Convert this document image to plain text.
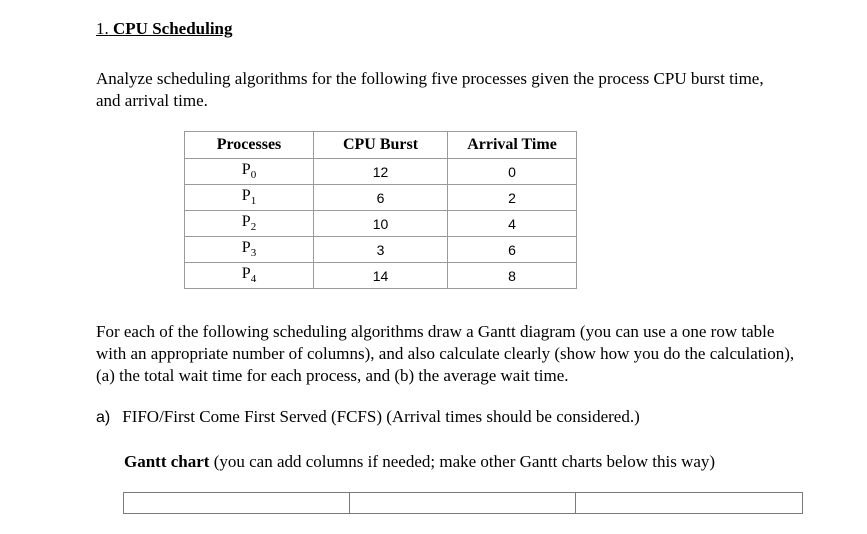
1. CPU Scheduling
Analyze scheduling algorithms for the following five processes given the process CPU burst time, and arrival time.
Processes	CPU Burst	Arrival Time
$P_0$	12	0
$P_1$	6	2
$P_2$	10	4
$P_3$	3	6
$P_4$	14	8
For each of the following scheduling algorithms draw a Gantt diagram (you can use a one row table with an appropriate number of columns), and also calculate clearly (show how you do the calculation), (a) the total wait time for each process, and (b) the average wait time.
a) FIFO/First Come First Served (FCFS) (Arrival times should be considered.)
Gantt chart (you can add columns if needed; make other Gantt charts below this way)
